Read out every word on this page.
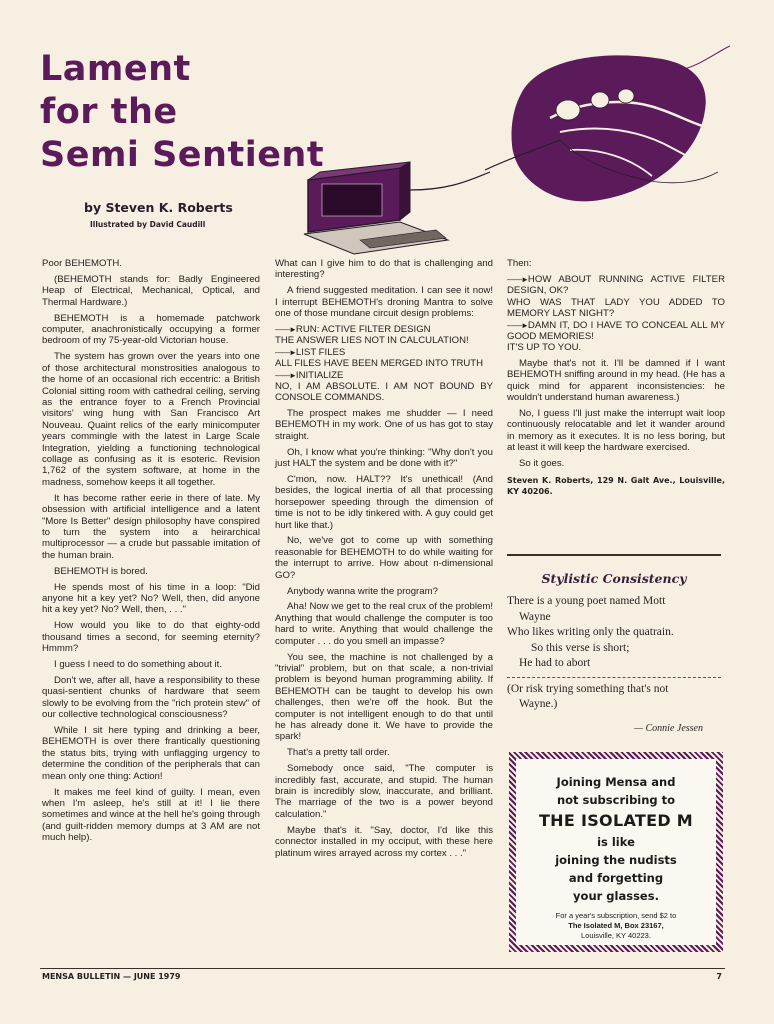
Lament
for the
Semi Sentient
by Steven K. Roberts
Illustrated by David Caudill

Poor BEHEMOTH.

(BEHEMOTH stands for: Badly Engineered Heap of Electrical, Mechanical, Optical, and Thermal Hardware.)

BEHEMOTH is a homemade patchwork computer, anachronistically occupying a former bedroom of my 75-year-old Victorian house.

The system has grown over the years into one of those architectural monstrosities analogous to the home of an occasional rich eccentric: a British Colonial sitting room with cathedral ceiling, serving as the entrance foyer to a French Provincial visitors' wing hung with San Francisco Art Nouveau. Quaint relics of the early minicomputer years commingle with the latest in Large Scale Integration, yielding a functioning technological collage as confusing as it is esoteric. Revision 1,762 of the system software, at home in the madness, somehow keeps it all together.

It has become rather eerie in there of late. My obsession with artificial intelligence and a latent "More Is Better" design philosophy have conspired to turn the system into a heirarchical multiprocessor — a crude but passable imitation of the human brain.

BEHEMOTH is bored.

He spends most of his time in a loop: "Did anyone hit a key yet? No? Well, then, did anyone hit a key yet? No? Well, then, . . ."

How would you like to do that eighty-odd thousand times a second, for seeming eternity? Hmmm?

I guess I need to do something about it.

Don't we, after all, have a responsibility to these quasi-sentient chunks of hardware that seem slowly to be evolving from the "rich protein stew" of our collective technological consciousness?

While I sit here typing and drinking a beer, BEHEMOTH is over there frantically questioning the status bits, trying with unflagging urgency to determine the condition of the peripherals that can mean only one thing: Action!

It makes me feel kind of guilty. I mean, even when I'm asleep, he's still at it! I lie there sometimes and wince at the hell he's going through (and guilt-ridden memory dumps at 3 AM are not much help).

What can I give him to do that is challenging and interesting?

A friend suggested meditation. I can see it now! I interrupt BEHEMOTH's droning Mantra to solve one of those mundane circuit design problems:

——►RUN: ACTIVE FILTER DESIGN

THE ANSWER LIES NOT IN CALCULATION!

——►LIST FILES

ALL FILES HAVE BEEN MERGED INTO TRUTH

——►INITIALIZE

NO, I AM ABSOLUTE. I AM NOT BOUND BY CONSOLE COMMANDS.

The prospect makes me shudder — I need BEHEMOTH in my work. One of us has got to stay straight.

Oh, I know what you're thinking: "Why don't you just HALT the system and be done with it?"

C'mon, now. HALT?? It's unethical! (And besides, the logical inertia of all that processing horsepower speeding through the dimension of time is not to be idly tinkered with. A guy could get hurt like that.)

No, we've got to come up with something reasonable for BEHEMOTH to do while waiting for the interrupt to arrive. How about n-dimensional GO?

Anybody wanna write the program?

Aha! Now we get to the real crux of the problem! Anything that would challenge the computer is too hard to write. Anything that would challenge the computer . . . do you smell an impasse?

You see, the machine is not challenged by a "trivial" problem, but on that scale, a non-trivial problem is beyond human programming ability. If BEHEMOTH can be taught to develop his own challenges, then we're off the hook. But the computer is not intelligent enough to do that until he has already done it. We have to provide the spark!

That's a pretty tall order.

Somebody once said, "The computer is incredibly fast, accurate, and stupid. The human brain is incredibly slow, inaccurate, and brilliant. The marriage of the two is a power beyond calculation."

Maybe that's it. "Say, doctor, I'd like this connector installed in my occiput, with these here platinum wires arrayed across my cortex . . ."

Then:

——►HOW ABOUT RUNNING ACTIVE FILTER DESIGN, OK?

WHO WAS THAT LADY YOU ADDED TO MEMORY LAST NIGHT?

——►DAMN IT, DO I HAVE TO CONCEAL ALL MY GOOD MEMORIES!

IT'S UP TO YOU.

Maybe that's not it. I'll be damned if I want BEHEMOTH sniffing around in my head. (He has a quick mind for apparent inconsistencies: he wouldn't understand human awareness.)

No, I guess I'll just make the interrupt wait loop continuously relocatable and let it wander around in memory as it executes. It is no less boring, but at least it will keep the hardware exercised.

So it goes.

Steven K. Roberts, 129 N. Galt Ave., Louisville, KY 40206.

Stylistic Consistency
There is a young poet named Mott
Wayne
Who likes writing only the quatrain.
So this verse is short;
He had to abort
(Or risk trying something that's not
Wayne.)
— Connie Jessen
Joining Mensa and
not subscribing to
THE ISOLATED M
is like
joining the nudists
and forgetting
your glasses.
For a year's subscription, send $2 to
The Isolated M, Box 23167,
Louisville, KY 40223.
MENSA BULLETIN — JUNE 1979	7
